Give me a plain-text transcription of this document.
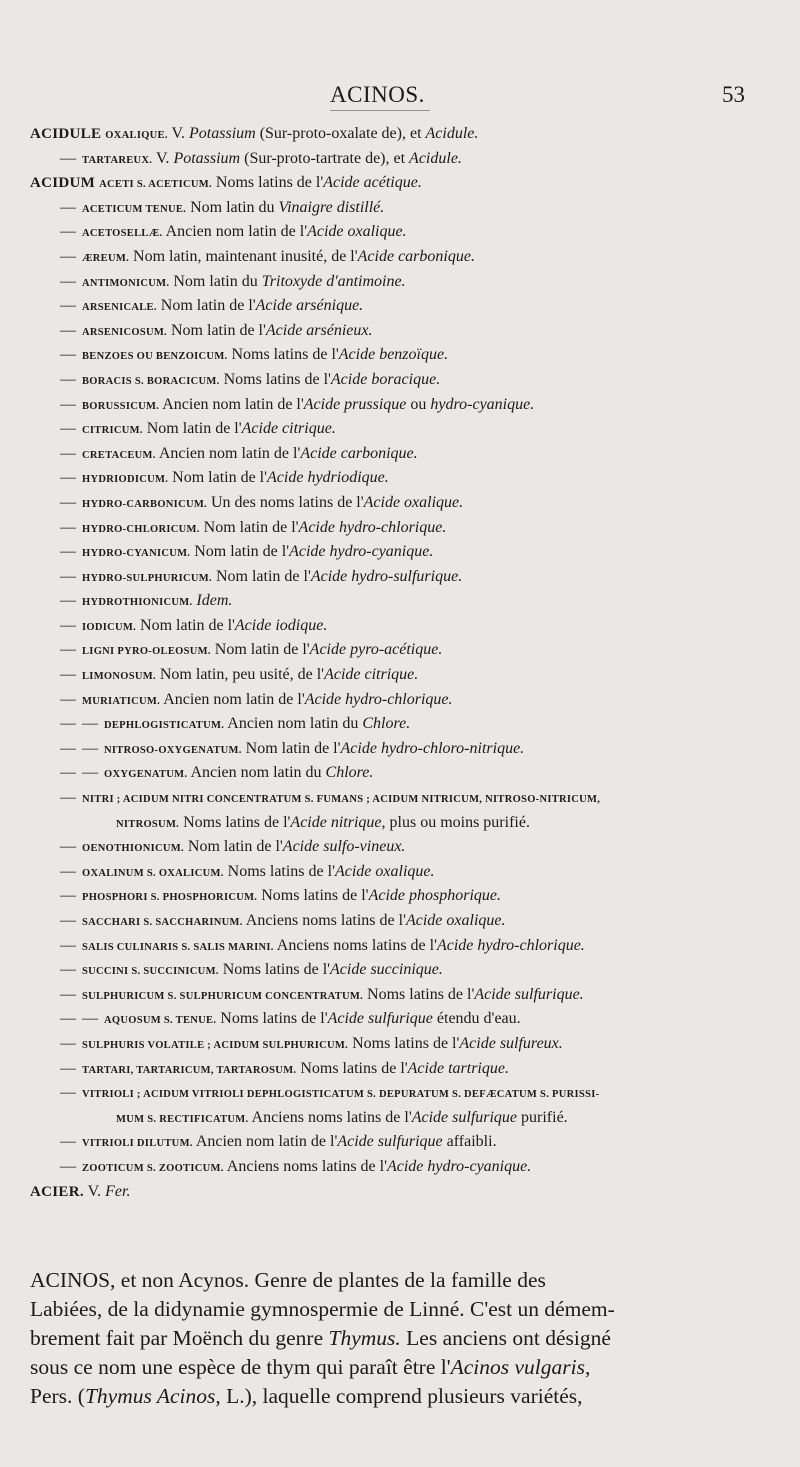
ACINOS.	53
ACIDULE OXALIQUE. V. Potassium (Sur-proto-oxalate de), et Acidule.
— TARTAREUX. V. Potassium (Sur-proto-tartrate de), et Acidule.
ACIDUM ACETI S. ACETICUM. Noms latins de l'Acide acétique.
— ACETICUM TENUE. Nom latin du Vinaigre distillé.
— ACETOSELLÆ. Ancien nom latin de l'Acide oxalique.
— ÆREUM. Nom latin, maintenant inusité, de l'Acide carbonique.
— ANTIMONICUM. Nom latin du Tritoxyde d'antimoine.
— ARSENICALE. Nom latin de l'Acide arsénique.
— ARSENICOSUM. Nom latin de l'Acide arsénieux.
— BENZOES OU BENZOICUM. Noms latins de l'Acide benzoïque.
— BORACIS S. BORACICUM. Noms latins de l'Acide boracique.
— BORUSSICUM. Ancien nom latin de l'Acide prussique ou hydro-cyanique.
— CITRICUM. Nom latin de l'Acide citrique.
— CRETACEUM. Ancien nom latin de l'Acide carbonique.
— HYDRIODICUM. Nom latin de l'Acide hydriodique.
— HYDRO-CARBONICUM. Un des noms latins de l'Acide oxalique.
— HYDRO-CHLORICUM. Nom latin de l'Acide hydro-chlorique.
— HYDRO-CYANICUM. Nom latin de l'Acide hydro-cyanique.
— HYDRO-SULPHURICUM. Nom latin de l'Acide hydro-sulfurique.
— HYDROTHIONICUM. Idem.
— IODICUM. Nom latin de l'Acide iodique.
— LIGNI PYRO-OLEOSUM. Nom latin de l'Acide pyro-acétique.
— LIMONOSUM. Nom latin, peu usité, de l'Acide citrique.
— MURIATICUM. Ancien nom latin de l'Acide hydro-chlorique.
— — DEPHLOGISTICATUM. Ancien nom latin du Chlore.
— — NITROSO-OXYGENATUM. Nom latin de l'Acide hydro-chloro-nitrique.
— — OXYGENATUM. Ancien nom latin du Chlore.
— NITRI ; ACIDUM NITRI CONCENTRATUM S. FUMANS ; ACIDUM NITRICUM, NITROSO-NITRICUM,
NITROSUM. Noms latins de l'Acide nitrique, plus ou moins purifié.
— OENOTHIONICUM. Nom latin de l'Acide sulfo-vineux.
— OXALINUM S. OXALICUM. Noms latins de l'Acide oxalique.
— PHOSPHORI S. PHOSPHORICUM. Noms latins de l'Acide phosphorique.
— SACCHARI S. SACCHARINUM. Anciens noms latins de l'Acide oxalique.
— SALIS CULINARIS S. SALIS MARINI. Anciens noms latins de l'Acide hydro-chlorique.
— SUCCINI S. SUCCINICUM. Noms latins de l'Acide succinique.
— SULPHURICUM S. SULPHURICUM CONCENTRATUM. Noms latins de l'Acide sulfurique.
— — AQUOSUM S. TENUE. Noms latins de l'Acide sulfurique étendu d'eau.
— SULPHURIS VOLATILE ; ACIDUM SULPHURICUM. Noms latins de l'Acide sulfureux.
— TARTARI, TARTARICUM, TARTAROSUM. Noms latins de l'Acide tartrique.
— VITRIOLI ; ACIDUM VITRIOLI DEPHLOGISTICATUM S. DEPURATUM S. DEFÆCATUM S. PURISSI-
MUM S. RECTIFICATUM. Anciens noms latins de l'Acide sulfurique purifié.
— VITRIOLI DILUTUM. Ancien nom latin de l'Acide sulfurique affaibli.
— ZOOTICUM S. ZOOTICUM. Anciens noms latins de l'Acide hydro-cyanique.
ACIER. V. Fer.
ACINOS, et non Acynos. Genre de plantes de la famille des
Labiées, de la didynamie gymnospermie de Linné. C'est un démem-
brement fait par Moënch du genre Thymus. Les anciens ont désigné
sous ce nom une espèce de thym qui paraît être l'Acinos vulgaris,
Pers. (Thymus Acinos, L.), laquelle comprend plusieurs variétés,
